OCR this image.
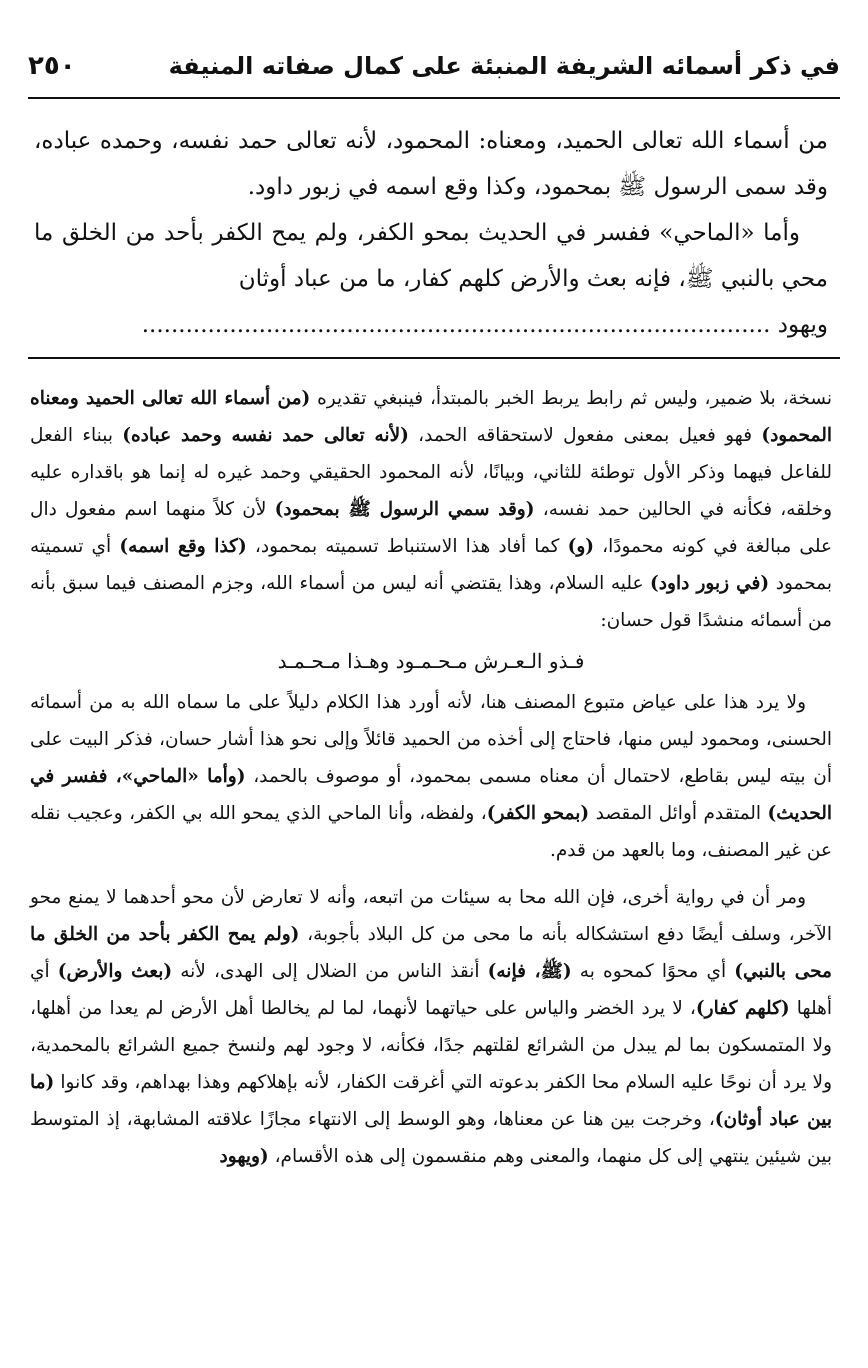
في ذكر أسمائه الشريفة المنبئة على كمال صفاته المنيفة
٢٥٠

من أسماء الله تعالى الحميد، ومعناه: المحمود، لأنه تعالى حمد نفسه، وحمده عباده، وقد سمى الرسول ﷺ بمحمود، وكذا وقع اسمه في زبور داود.

وأما «الماحي» ففسر في الحديث بمحو الكفر، ولم يمح الكفر بأحد من الخلق ما محي بالنبي ﷺ، فإنه بعث والأرض كلهم كفار، ما من عباد أوثان

ويهود ......................................................................................

نسخة، بلا ضمير، وليس ثم رابط يربط الخبر بالمبتدأ، فينبغي تقديره (من أسماء الله تعالى الحميد ومعناه المحمود) فهو فعيل بمعنى مفعول لاستحقاقه الحمد، (لأنه تعالى حمد نفسه وحمد عباده) ببناء الفعل للفاعل فيهما وذكر الأول توطئة للثاني، وبيانًا، لأنه المحمود الحقيقي وحمد غيره له إنما هو باقداره عليه وخلقه، فكأنه في الحالين حمد نفسه، (وقد سمي الرسول ﷺ بمحمود) لأن كلاً منهما اسم مفعول دال على مبالغة في كونه محمودًا، (و) كما أفاد هذا الاستنباط تسميته بمحمود، (كذا وقع اسمه) أي تسميته بمحمود (في زبور داود) عليه السلام، وهذا يقتضي أنه ليس من أسماء الله، وجزم المصنف فيما سبق بأنه من أسمائه منشدًا قول حسان:

فـذو الـعـرش مـحـمـود وهـذا مـحـمـد

ولا يرد هذا على عياض متبوع المصنف هنا، لأنه أورد هذا الكلام دليلاً على ما سماه الله به من أسمائه الحسنى، ومحمود ليس منها، فاحتاج إلى أخذه من الحميد قائلاً وإلى نحو هذا أشار حسان، فذكر البيت على أن بيته ليس بقاطع، لاحتمال أن معناه مسمى بمحمود، أو موصوف بالحمد، (وأما «الماحي»، ففسر في الحديث) المتقدم أوائل المقصد (بمحو الكفر)، ولفظه، وأنا الماحي الذي يمحو الله بي الكفر، وعجيب نقله عن غير المصنف، وما بالعهد من قدم.

ومر أن في رواية أخرى، فإن الله محا به سيئات من اتبعه، وأنه لا تعارض لأن محو أحدهما لا يمنع محو الآخر، وسلف أيضًا دفع استشكاله بأنه ما محى من كل البلاد بأجوبة، (ولم يمح الكفر بأحد من الخلق ما محى بالنبي) أي محوًا كمحوه به (ﷺ، فإنه) أنقذ الناس من الضلال إلى الهدى، لأنه (بعث والأرض) أي أهلها (كلهم كفار)، لا يرد الخضر والياس على حياتهما لأنهما، لما لم يخالطا أهل الأرض لم يعدا من أهلها، ولا المتمسكون بما لم يبدل من الشرائع لقلتهم جدًا، فكأنه، لا وجود لهم ولنسخ جميع الشرائع بالمحمدية، ولا يرد أن نوحًا عليه السلام محا الكفر بدعوته التي أغرقت الكفار، لأنه بإهلاكهم وهذا بهداهم، وقد كانوا (ما بين عباد أوثان)، وخرجت بين هنا عن معناها، وهو الوسط إلى الانتهاء مجازًا علاقته المشابهة، إذ المتوسط بين شيئين ينتهي إلى كل منهما، والمعنى وهم منقسمون إلى هذه الأقسام، (ويهود
